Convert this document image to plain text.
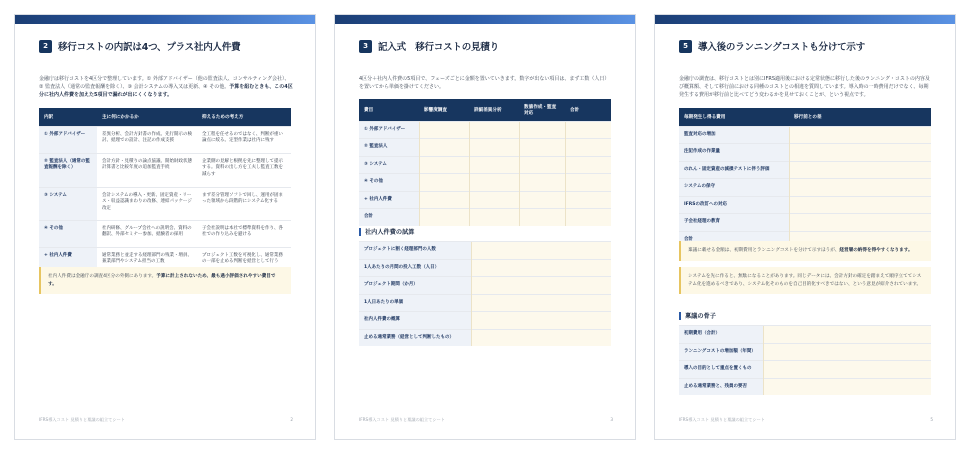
2	移行コストの内訳は4つ、プラス社内人件費

金融庁は移行コストを4区分で整理しています。① 外部アドバイザー（他の監査法人、コンサルティング会社）、② 監査法人（通常の監査報酬を除く）、③ 会計システムの導入又は更新、④ その他。予算を組むときも、この4区分に社内人件費を加えた5項目で漏れが出にくくなります。

内訳	主に何にかかるか	抑えるための考え方
① 外部アドバイザー	差異分析、会計方針書の作成、先行開示の検討、経理での設計、注記の作成支援	全工程を任せるのではなく、判断が重い論点に絞る。定型作業は社内に残す
② 監査法人（通常の監査報酬を除く）	会計方針・見積りの論点協議、開始財政状態計算書と比較年度の追加監査手続	企業側の見解と根拠を先に整理して提示する。資料の出し方を工夫し監査工数を減らす
③ システム	会計システムの導入・更新、固定資産・リース・収益認識まわりの改修、連結パッケージ改定	まず差分管理ソフトで回し、運用が固まった領域から段階的にシステム化する
④ その他	社内研修、グループ会社への説明会、資料の翻訳、外部セミナー参加、経験者の採用	子会社説明は本社で標準資料を作り、各社での作り込みを避ける
+ 社内人件費	通常業務と並走する経理部門の残業・増員、兼業部門やシステム担当の工数	プロジェクト工数を可視化し、通常業務の一部を止める判断を経営として行う
社内人件費は金融庁の調査4区分の外側にあります。予算に計上されないため、最も過小評価されやすい費目です。
IFRS導入コスト 見積りと稟議の組立てシート	2
3	記入式　移行コストの見積り

4区分＋社内人件費の5項目で、フェーズごとに金額を置いていきます。数字が出ない項目は、まず工数（人日）を置いてから単価を掛けてください。

費目	影響度調査	詳細差異分析	数値作成・監査対応	合計
① 外部アドバイザー				
② 監査法人				
③ システム				
④ その他				
+ 社内人件費				
合計				
社内人件費の試算
プロジェクトに割く経理部門の人数	
1人あたりの月間の投入工数（人日）	
プロジェクト期間（か月）	
1人日あたりの単価	
社内人件費の概算	
止める通常業務（経営として判断したもの）	
IFRS導入コスト 見積りと稟議の組立てシート	3
5	導入後のランニングコストも分けて示す

金融庁の調査は、移行コストとは別にIFRS適用後における定常状態に移行した後のランニング・コストの内容及び概算額、そして移行前における同種のコストとの相違を質問しています。導入時の一時費用だけでなく、毎期発生する費用が移行前と比べてどう変わるかを見せておくことが、という視点です。

毎期発生し得る費用	移行前との差
監査対応の増加	
注記作成の作業量	
のれん・固定資産の減損テストに伴う評価	
システムの保守	
IFRSの改訂への対応	
子会社経理の教育	
合計	
稟議に載せる金額は、初期費用とランニングコストを分けて示すほうが、経営層の納得を得やすくなります。
システムを先に作ると、無駄になることがあります。同じデータには、会計方針の確定を踏まえて順序立ててシステム化を進めるべきであり、システム化そのものを自己目的化すべきではない、という意見が紹介されています。
稟議の骨子
初期費用（合計）	
ランニングコストの増加額（年間）	
導入の目的として重点を置くもの	
止める通常業務と、残員の要否	
IFRS導入コスト 見積りと稟議の組立てシート	5
